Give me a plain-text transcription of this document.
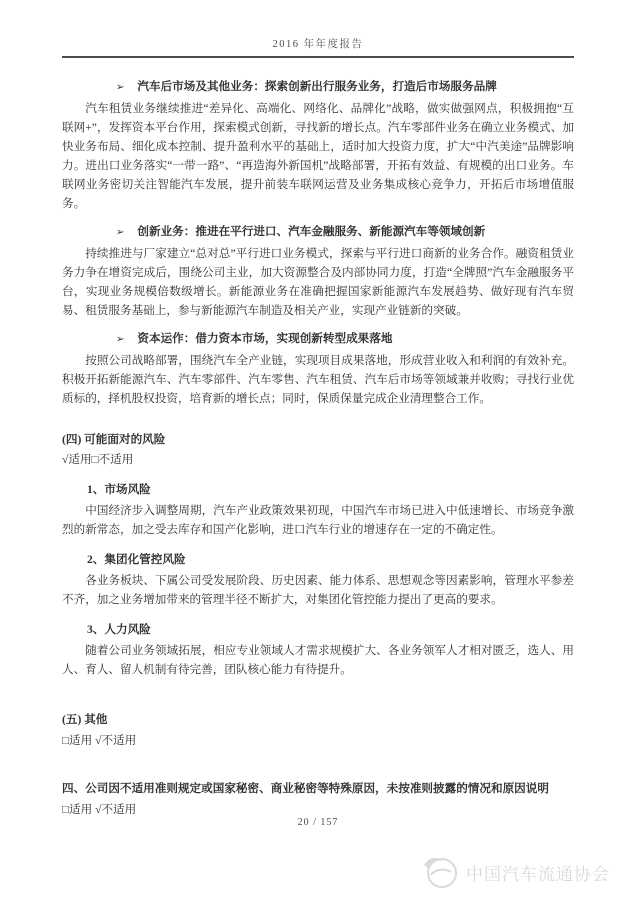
2016 年年度报告
➢ 汽车后市场及其他业务：探索创新出行服务业务，打造后市场服务品牌

汽车租赁业务继续推进“差异化、高端化、网络化、品牌化”战略，做实做强网点，积极拥抱“互联网+”，发挥资本平台作用，探索模式创新，寻找新的增长点。汽车零部件业务在确立业务模式、加快业务布局、细化成本控制、提升盈利水平的基础上，适时加大投资力度，扩大“中汽美途”品牌影响力。进出口业务落实“一带一路”、“再造海外新国机”战略部署，开拓有效益、有规模的出口业务。车联网业务密切关注智能汽车发展，提升前装车联网运营及业务集成核心竞争力，开拓后市场增值服务。

➢ 创新业务：推进在平行进口、汽车金融服务、新能源汽车等领域创新

持续推进与厂家建立“总对总”平行进口业务模式，探索与平行进口商新的业务合作。融资租赁业务力争在增资完成后，围绕公司主业，加大资源整合及内部协同力度，打造“全牌照”汽车金融服务平台，实现业务规模倍数级增长。新能源业务在准确把握国家新能源汽车发展趋势、做好现有汽车贸易、租赁服务基础上，参与新能源汽车制造及相关产业，实现产业链新的突破。

➢ 资本运作：借力资本市场，实现创新转型成果落地

按照公司战略部署，围绕汽车全产业链，实现项目成果落地，形成营业收入和利润的有效补充。积极开拓新能源汽车、汽车零部件、汽车零售、汽车租赁、汽车后市场等领域兼并收购；寻找行业优质标的，择机股权投资，培育新的增长点；同时，保质保量完成企业清理整合工作。

(四) 可能面对的风险
√适用□不适用
1、市场风险

中国经济步入调整周期，汽车产业政策效果初现，中国汽车市场已进入中低速增长、市场竞争激烈的新常态，加之受去库存和国产化影响，进口汽车行业的增速存在一定的不确定性。

2、集团化管控风险

各业务板块、下属公司受发展阶段、历史因素、能力体系、思想观念等因素影响，管理水平参差不齐，加之业务增加带来的管理半径不断扩大，对集团化管控能力提出了更高的要求。

3、人力风险

随着公司业务领域拓展，相应专业领域人才需求规模扩大、各业务领军人才相对匮乏，选人、用人、育人、留人机制有待完善，团队核心能力有待提升。

(五) 其他
□适用 √不适用
四、公司因不适用准则规定或国家秘密、商业秘密等特殊原因，未按准则披露的情况和原因说明
□适用 √不适用
20 / 157
中国汽车流通协会
